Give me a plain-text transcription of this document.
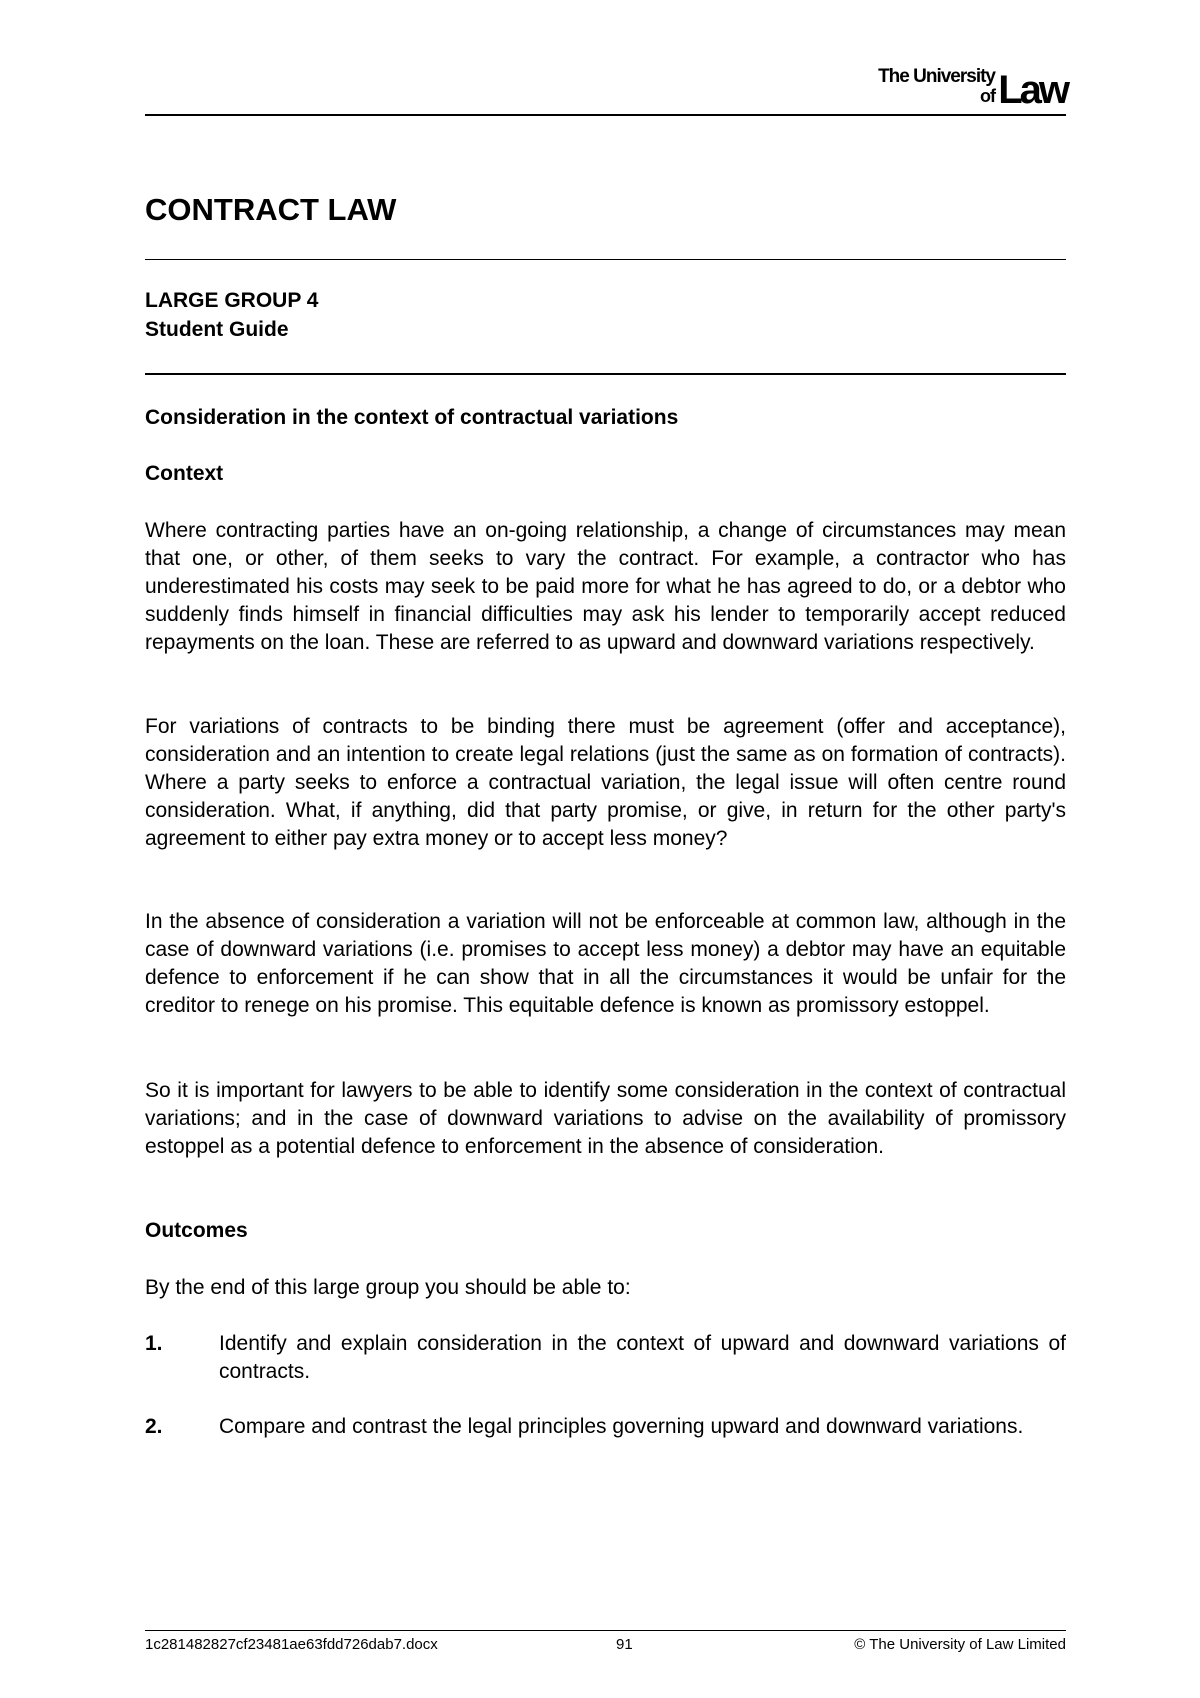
The University
of Law
CONTRACT LAW

LARGE GROUP 4

Student Guide

Consideration in the context of contractual variations
Context

Where contracting parties have an on-going relationship, a change of circumstances may mean that one, or other, of them seeks to vary the contract. For example, a contractor who has underestimated his costs may seek to be paid more for what he has agreed to do, or a debtor who suddenly finds himself in financial difficulties may ask his lender to temporarily accept reduced repayments on the loan. These are referred to as upward and downward variations respectively.

For variations of contracts to be binding there must be agreement (offer and acceptance), consideration and an intention to create legal relations (just the same as on formation of contracts). Where a party seeks to enforce a contractual variation, the legal issue will often centre round consideration. What, if anything, did that party promise, or give, in return for the other party's agreement to either pay extra money or to accept less money?

In the absence of consideration a variation will not be enforceable at common law, although in the case of downward variations (i.e. promises to accept less money) a debtor may have an equitable defence to enforcement if he can show that in all the circumstances it would be unfair for the creditor to renege on his promise. This equitable defence is known as promissory estoppel.

So it is important for lawyers to be able to identify some consideration in the context of contractual variations; and in the case of downward variations to advise on the availability of promissory estoppel as a potential defence to enforcement in the absence of consideration.

Outcomes

By the end of this large group you should be able to:

1.	Identify and explain consideration in the context of upward and downward variations of contracts.
2.	Compare and contrast the legal principles governing upward and downward variations.
1c281482827cf23481ae63fdd726dab7.docx	91	© The University of Law Limited
